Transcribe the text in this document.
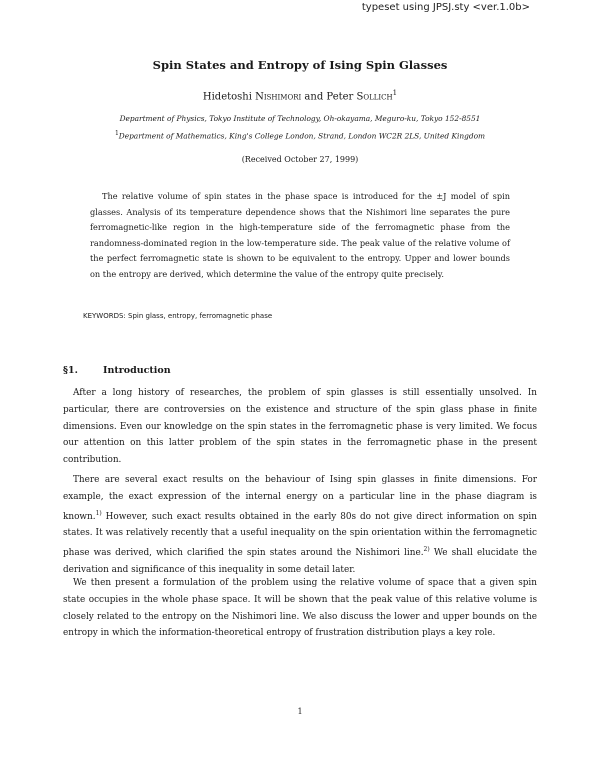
typeset using JPSJ.sty <ver.1.0b>
Spin States and Entropy of Ising Spin Glasses
Hidetoshi Nishimori and Peter Sollich$^1$
Department of Physics, Tokyo Institute of Technology, Oh-okayama, Meguro-ku, Tokyo 152-8551
$^1$Department of Mathematics, King's College London, Strand, London WC2R 2LS, United Kingdom
(Received October 27, 1999)
The relative volume of spin states in the phase space is introduced for the ±J model of spin glasses. Analysis of its temperature dependence shows that the Nishimori line separates the pure ferromagnetic-like region in the high-temperature side of the ferromagnetic phase from the randomness-dominated region in the low-temperature side. The peak value of the relative volume of the perfect ferromagnetic state is shown to be equivalent to the entropy. Upper and lower bounds on the entropy are derived, which determine the value of the entropy quite precisely.
KEYWORDS: Spin glass, entropy, ferromagnetic phase
§1.	Introduction

After a long history of researches, the problem of spin glasses is still essentially unsolved. In particular, there are controversies on the existence and structure of the spin glass phase in finite dimensions. Even our knowledge on the spin states in the ferromagnetic phase is very limited. We focus our attention on this latter problem of the spin states in the ferromagnetic phase in the present contribution.

There are several exact results on the behaviour of Ising spin glasses in finite dimensions. For example, the exact expression of the internal energy on a particular line in the phase diagram is known.$^{1)}$ However, such exact results obtained in the early 80s do not give direct information on spin states. It was relatively recently that a useful inequality on the spin orientation within the ferromagnetic phase was derived, which clarified the spin states around the Nishimori line.$^{2)}$ We shall elucidate the derivation and significance of this inequality in some detail later.

We then present a formulation of the problem using the relative volume of space that a given spin state occupies in the whole phase space. It will be shown that the peak value of this relative volume is closely related to the entropy on the Nishimori line. We also discuss the lower and upper bounds on the entropy in which the information-theoretical entropy of frustration distribution plays a key role.

1
